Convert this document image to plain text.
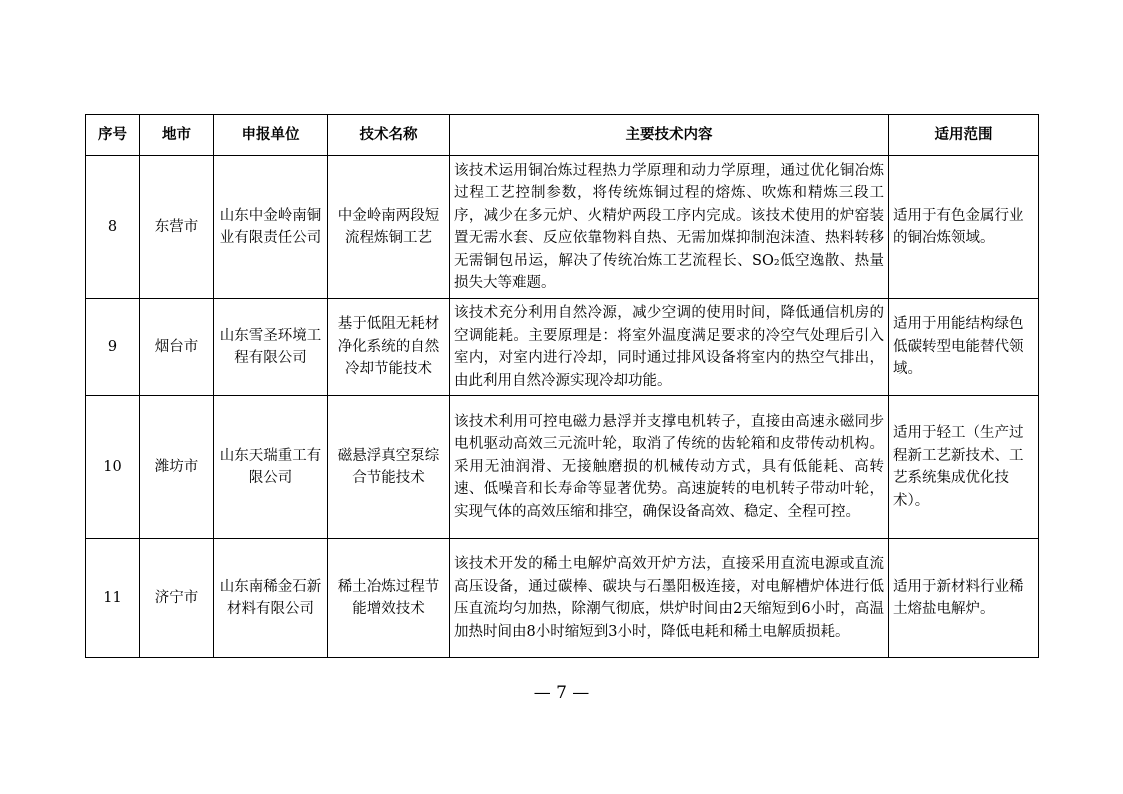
序号	地市	申报单位	技术名称	主要技术内容	适用范围
8	东营市	山东中金岭南铜业有限责任公司	中金岭南两段短流程炼铜工艺	该技术运用铜冶炼过程热力学原理和动力学原理，通过优化铜冶炼过程工艺控制参数，将传统炼铜过程的熔炼、吹炼和精炼三段工序，减少在多元炉、火精炉两段工序内完成。该技术使用的炉窑装置无需水套、反应依靠物料自热、无需加煤抑制泡沫渣、热料转移无需铜包吊运，解决了传统冶炼工艺流程长、SO₂低空逸散、热量损失大等难题。	适用于有色金属行业的铜冶炼领域。
9	烟台市	山东雪圣环境工程有限公司	基于低阻无耗材净化系统的自然冷却节能技术	该技术充分利用自然冷源，减少空调的使用时间，降低通信机房的空调能耗。主要原理是：将室外温度满足要求的冷空气处理后引入室内，对室内进行冷却，同时通过排风设备将室内的热空气排出，由此利用自然冷源实现冷却功能。	适用于用能结构绿色低碳转型电能替代领域。
10	潍坊市	山东天瑞重工有限公司	磁悬浮真空泵综合节能技术	该技术利用可控电磁力悬浮并支撑电机转子，直接由高速永磁同步电机驱动高效三元流叶轮，取消了传统的齿轮箱和皮带传动机构。采用无油润滑、无接触磨损的机械传动方式，具有低能耗、高转速、低噪音和长寿命等显著优势。高速旋转的电机转子带动叶轮，实现气体的高效压缩和排空，确保设备高效、稳定、全程可控。	适用于轻工（生产过程新工艺新技术、工艺系统集成优化技术）。
11	济宁市	山东南稀金石新材料有限公司	稀土冶炼过程节能增效技术	该技术开发的稀土电解炉高效开炉方法，直接采用直流电源或直流高压设备，通过碳棒、碳块与石墨阳极连接，对电解槽炉体进行低压直流均匀加热，除潮气彻底，烘炉时间由2天缩短到6小时，高温加热时间由8小时缩短到3小时，降低电耗和稀土电解质损耗。	适用于新材料行业稀土熔盐电解炉。
— 7 —
